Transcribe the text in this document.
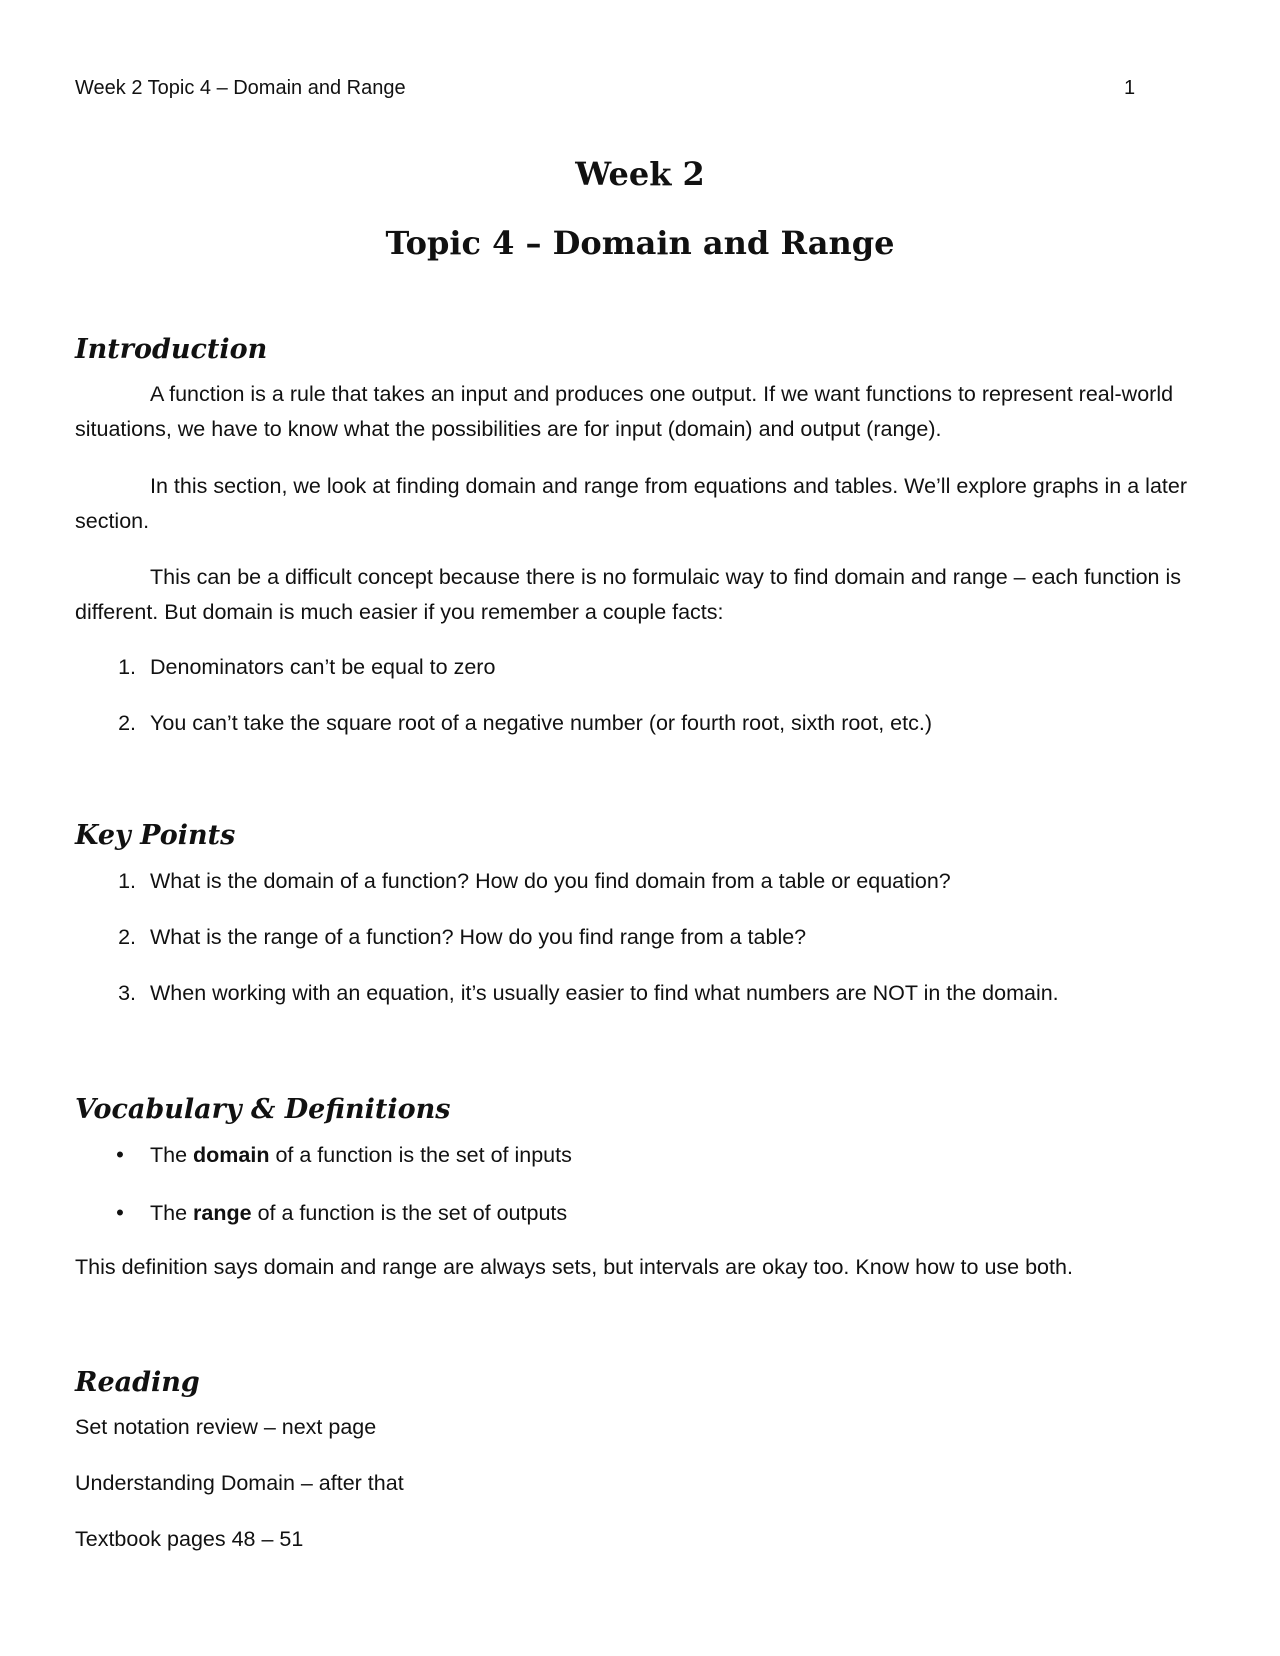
Week 2 Topic 4 – Domain and Range	1
Week 2
Topic 4 – Domain and Range
Introduction

A function is a rule that takes an input and produces one output. If we want functions to represent real-world situations, we have to know what the possibilities are for input (domain) and output (range).

In this section, we look at finding domain and range from equations and tables. We’ll explore graphs in a later section.

This can be a difficult concept because there is no formulaic way to find domain and range – each function is different. But domain is much easier if you remember a couple facts:

1. Denominators can’t be equal to zero
2. You can’t take the square root of a negative number (or fourth root, sixth root, etc.)
Key Points
1. What is the domain of a function? How do you find domain from a table or equation?
2. What is the range of a function? How do you find range from a table?
3. When working with an equation, it’s usually easier to find what numbers are NOT in the domain.
Vocabulary & Definitions
• The domain of a function is the set of inputs
• The range of a function is the set of outputs
This definition says domain and range are always sets, but intervals are okay too. Know how to use both.
Reading
Set notation review – next page
Understanding Domain – after that
Textbook pages 48 – 51
